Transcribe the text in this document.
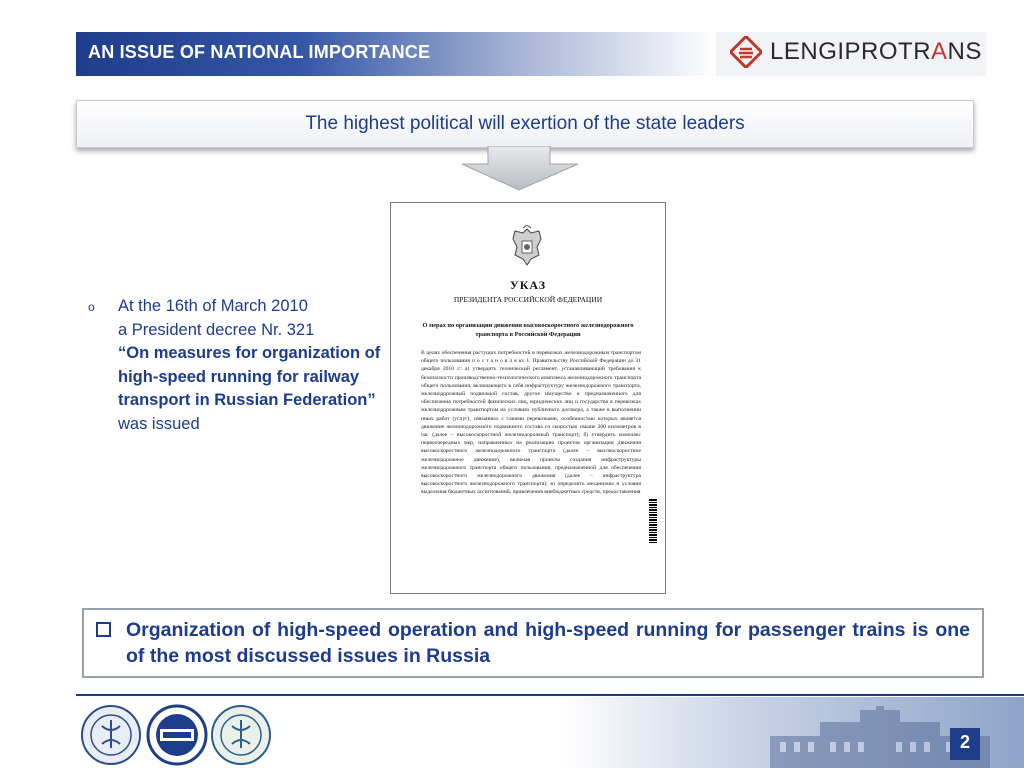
AN ISSUE OF NATIONAL IMPORTANCE	LENGIPROTRANS
The highest political will exertion of the state leaders
o At the 16th of March 2010
a President decree Nr. 321
“On measures for organization of high-speed running for railway transport in Russian Federation” was issued
УКАЗ
ПРЕЗИДЕНТА РОССИЙСКОЙ ФЕДЕРАЦИИ
О мерах по организации движения высокоскоростного железнодорожного транспорта в Российской Федерации
В целях обеспечения растущих потребностей в перевозках железнодорожным транспортом общего пользования п о с т а н о в л я ю: 1. Правительству Российской Федерации до 31 декабря 2010 г.: а) утвердить технический регламент, устанавливающий требования к безопасности производственно-технологического комплекса железнодорожного транспорта общего пользования, включающего в себя инфраструктуру железнодорожного транспорта, железнодорожный подвижной состав, другое имущество и предназначенного для обеспечения потребностей физических лиц, юридических лиц и государства в перевозках железнодорожным транспортом на условиях публичного договора, а также в выполнении иных работ (услуг), связанных с такими перевозками, особенностью которых является движение железнодорожного подвижного состава со скоростью свыше 200 километров в час (далее – высокоскоростной железнодорожный транспорт); б) утвердить комплекс первоочередных мер, направленных на реализацию проектов организации движения высокоскоростного железнодорожного транспорта (далее – высокоскоростное железнодорожное движение), включая проекты создания инфраструктуры железнодорожного транспорта общего пользования, предназначенной для обеспечения высокоскоростного железнодорожного движения (далее – инфраструктура высокоскоростного железнодорожного транспорта); в) определить механизмы и условия выделения бюджетных ассигнований, привлечения внебюджетных средств, предоставления
Organization of high-speed operation and high-speed running for passenger trains is one of the most discussed issues in Russia
2
